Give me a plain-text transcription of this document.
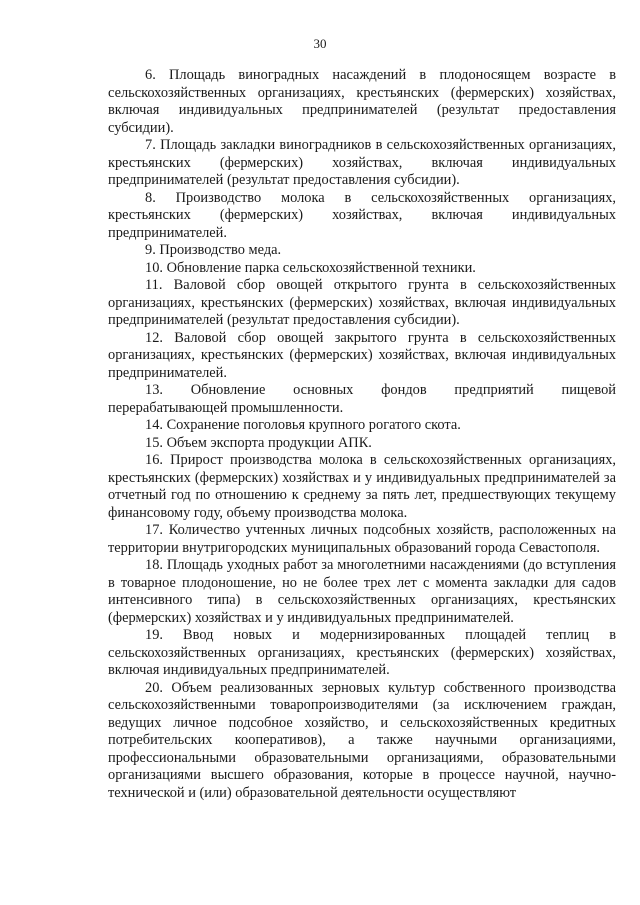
30

6. Площадь виноградных насаждений в плодоносящем возрасте в сельскохозяйственных организациях, крестьянских (фермерских) хозяйствах, включая индивидуальных предпринимателей (результат предоставления субсидии).

7. Площадь закладки виноградников в сельскохозяйственных организациях, крестьянских (фермерских) хозяйствах, включая индивидуальных предпринимателей (результат предоставления субсидии).

8. Производство молока в сельскохозяйственных организациях, крестьянских (фермерских) хозяйствах, включая индивидуальных предпринимателей.

9. Производство меда.

10. Обновление парка сельскохозяйственной техники.

11. Валовой сбор овощей открытого грунта в сельскохозяйственных организациях, крестьянских (фермерских) хозяйствах, включая индивидуальных предпринимателей (результат предоставления субсидии).

12. Валовой сбор овощей закрытого грунта в сельскохозяйственных организациях, крестьянских (фермерских) хозяйствах, включая индивидуальных предпринимателей.

13. Обновление основных фондов предприятий пищевой перерабатывающей промышленности.

14. Сохранение поголовья крупного рогатого скота.

15. Объем экспорта продукции АПК.

16. Прирост производства молока в сельскохозяйственных организациях, крестьянских (фермерских) хозяйствах и у индивидуальных предпринимателей за отчетный год по отношению к среднему за пять лет, предшествующих текущему финансовому году, объему производства молока.

17. Количество учтенных личных подсобных хозяйств, расположенных на территории внутригородских муниципальных образований города Севастополя.

18. Площадь уходных работ за многолетними насаждениями (до вступления в товарное плодоношение, но не более трех лет с момента закладки для садов интенсивного типа) в сельскохозяйственных организациях, крестьянских (фермерских) хозяйствах и у индивидуальных предпринимателей.

19. Ввод новых и модернизированных площадей теплиц в сельскохозяйственных организациях, крестьянских (фермерских) хозяйствах, включая индивидуальных предпринимателей.

20. Объем реализованных зерновых культур собственного производства сельскохозяйственными товаропроизводителями (за исключением граждан, ведущих личное подсобное хозяйство, и сельскохозяйственных кредитных потребительских кооперативов), а также научными организациями, профессиональными образовательными организациями, образовательными организациями высшего образования, которые в процессе научной, научно-технической и (или) образовательной деятельности осуществляют
